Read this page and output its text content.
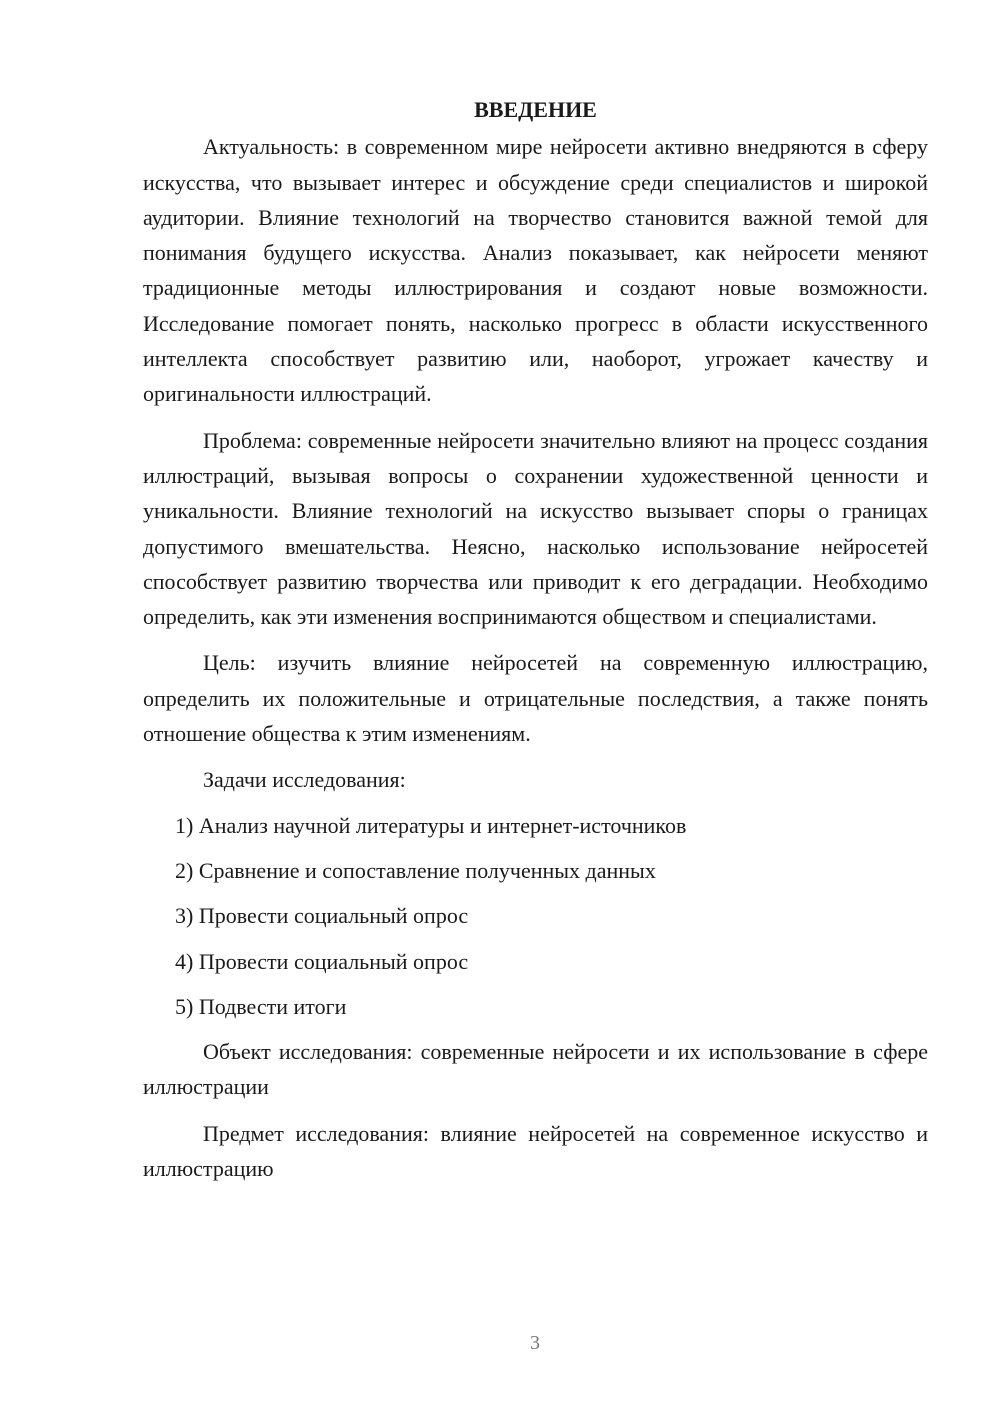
ВВЕДЕНИЕ

Актуальность: в современном мире нейросети активно внедряются в сферу искусства, что вызывает интерес и обсуждение среди специалистов и широкой аудитории. Влияние технологий на творчество становится важной темой для понимания будущего искусства. Анализ показывает, как нейросети меняют традиционные методы иллюстрирования и создают новые возможности. Исследование помогает понять, насколько прогресс в области искусственного интеллекта способствует развитию или, наоборот, угрожает качеству и оригинальности иллюстраций.

Проблема: современные нейросети значительно влияют на процесс создания иллюстраций, вызывая вопросы о сохранении художественной ценности и уникальности. Влияние технологий на искусство вызывает споры о границах допустимого вмешательства. Неясно, насколько использование нейросетей способствует развитию творчества или приводит к его деградации. Необходимо определить, как эти изменения воспринимаются обществом и специалистами.

Цель: изучить влияние нейросетей на современную иллюстрацию, определить их положительные и отрицательные последствия, а также понять отношение общества к этим изменениям.

Задачи исследования:

1) Анализ научной литературы и интернет-источников
2) Сравнение и сопоставление полученных данных
3) Провести социальный опрос
4) Провести социальный опрос
5) Подвести итоги

Объект исследования: современные нейросети и их использование в сфере иллюстрации

Предмет исследования: влияние нейросетей на современное искусство и иллюстрацию

3
